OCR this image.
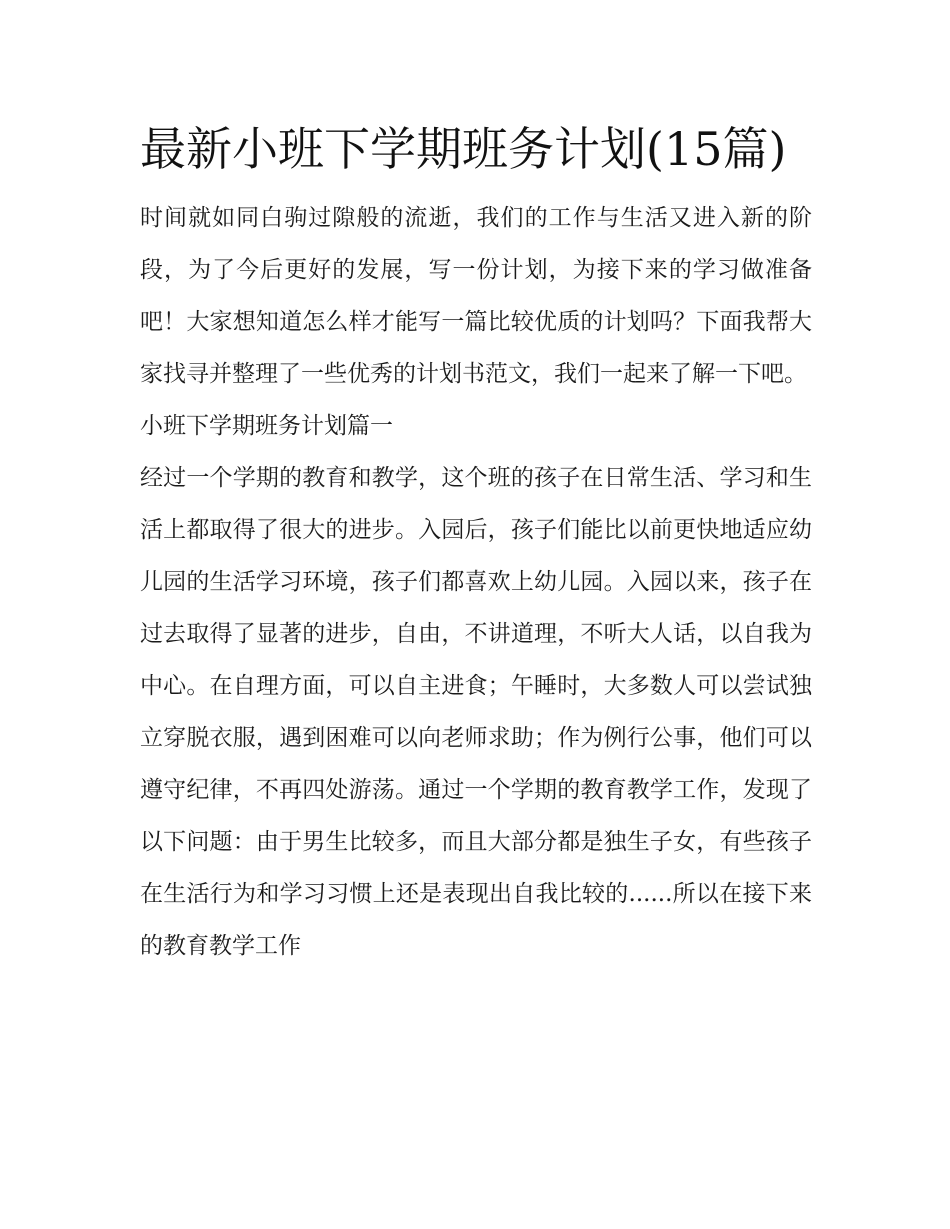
最新小班下学期班务计划(15篇)

时间就如同白驹过隙般的流逝，我们的工作与生活又进入新的阶段，为了今后更好的发展，写一份计划，为接下来的学习做准备吧！大家想知道怎么样才能写一篇比较优质的计划吗？下面我帮大家找寻并整理了一些优秀的计划书范文，我们一起来了解一下吧。

小班下学期班务计划篇一

经过一个学期的教育和教学，这个班的孩子在日常生活、学习和生活上都取得了很大的进步。入园后，孩子们能比以前更快地适应幼儿园的生活学习环境，孩子们都喜欢上幼儿园。入园以来，孩子在过去取得了显著的进步，自由，不讲道理，不听大人话，以自我为中心。在自理方面，可以自主进食；午睡时，大多数人可以尝试独立穿脱衣服，遇到困难可以向老师求助；作为例行公事，他们可以遵守纪律，不再四处游荡。通过一个学期的教育教学工作，发现了以下问题：由于男生比较多，而且大部分都是独生子女，有些孩子在生活行为和学习习惯上还是表现出自我比较的......所以在接下来的教育教学工作
